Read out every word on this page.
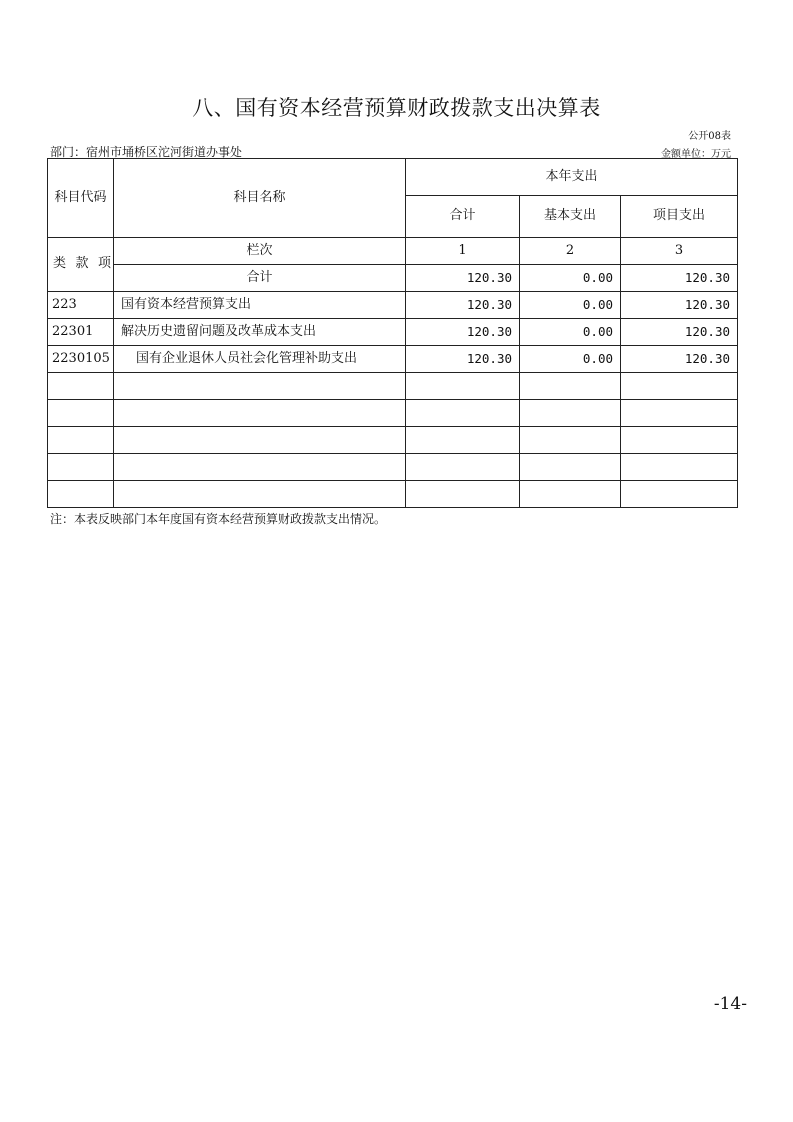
八、国有资本经营预算财政拨款支出决算表
公开08表
部门：宿州市埇桥区沱河街道办事处	金额单位：万元
科目代码	科目名称	本年支出		
		合计	基本支出	项目支出

类 款 项	栏次	1	2	3
	合计	120.30	0.00	120.30
223	国有资本经营预算支出	120.30	0.00	120.30
22301	解决历史遗留问题及改革成本支出	120.30	0.00	120.30
2230105	国有企业退休人员社会化管理补助支出	120.30	0.00	120.30

注：本表反映部门本年度国有资本经营预算财政拨款支出情况。
-14-
